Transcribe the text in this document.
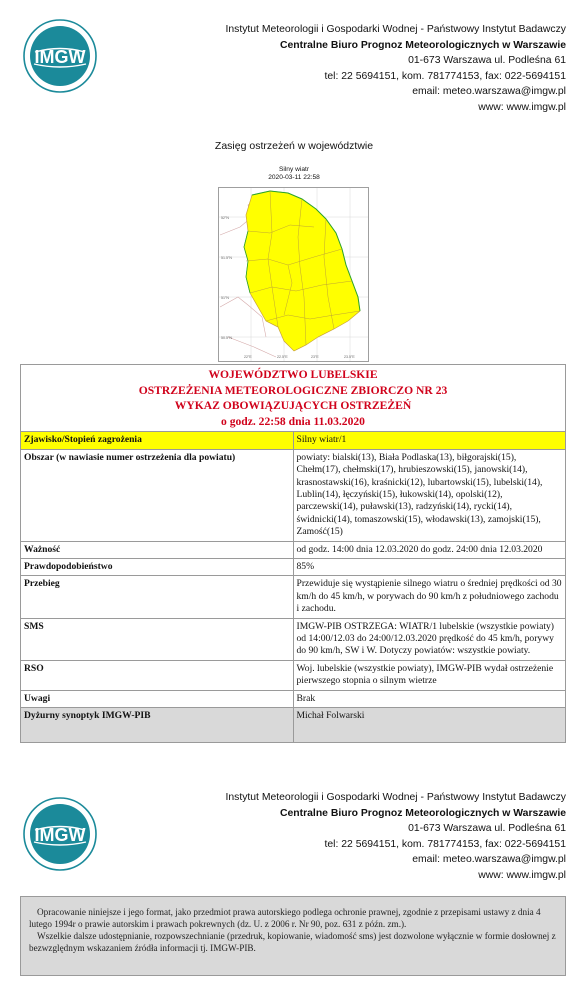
IMGW
Instytut Meteorologii i Gospodarki Wodnej - Państwowy Instytut Badawczy
Centralne Biuro Prognoz Meteorologicznych w Warszawie
01-673 Warszawa ul. Podleśna 61
tel: 22 5694151, kom. 781774153, fax: 022-5694151
email: meteo.warszawa@imgw.pl
www: www.imgw.pl
Zasięg ostrzeżeń w województwie
Silny wiatr
2020-03-11 22:58
52°N
51.5°N
51°N
50.5°N
22°E	22.5°E	23°E	23.5°E
WOJEWÓDZTWO LUBELSKIE
OSTRZEŻENIA METEOROLOGICZNE ZBIORCZO NR 23
WYKAZ OBOWIĄZUJĄCYCH OSTRZEŻEŃ
o godz. 22:58 dnia 11.03.2020	

Zjawisko/Stopień zagrożenia	Silny wiatr/1
Obszar (w nawiasie numer ostrzeżenia dla powiatu)	powiaty: bialski(13), Biała Podlaska(13), biłgorajski(15), Chełm(17), chełmski(17), hrubieszowski(15), janowski(14), krasnostawski(16), kraśnicki(12), lubartowski(15), lubelski(14), Lublin(14), łęczyński(15), łukowski(14), opolski(12), parczewski(14), puławski(13), radzyński(14), rycki(14), świdnicki(14), tomaszowski(15), włodawski(13), zamojski(15), Zamość(15)
Ważność	od godz. 14:00 dnia 12.03.2020 do godz. 24:00 dnia 12.03.2020
Prawdopodobieństwo	85%
Przebieg	Przewiduje się wystąpienie silnego wiatru o średniej prędkości od 30 km/h do 45 km/h, w porywach do 90 km/h z południowego zachodu i zachodu.
SMS	IMGW-PIB OSTRZEGA: WIATR/1 lubelskie (wszystkie powiaty) od 14:00/12.03 do 24:00/12.03.2020 prędkość do 45 km/h, porywy do 90 km/h, SW i W. Dotyczy powiatów: wszystkie powiaty.
RSO	Woj. lubelskie (wszystkie powiaty), IMGW-PIB wydał ostrzeżenie pierwszego stopnia o silnym wietrze
Uwagi	Brak
Dyżurny synoptyk IMGW-PIB	Michał Folwarski
IMGW
Instytut Meteorologii i Gospodarki Wodnej - Państwowy Instytut Badawczy
Centralne Biuro Prognoz Meteorologicznych w Warszawie
01-673 Warszawa ul. Podleśna 61
tel: 22 5694151, kom. 781774153, fax: 022-5694151
email: meteo.warszawa@imgw.pl
www: www.imgw.pl

Opracowanie niniejsze i jego format, jako przedmiot prawa autorskiego podlega ochronie prawnej, zgodnie z przepisami ustawy z dnia 4 lutego 1994r o prawie autorskim i prawach pokrewnych (dz. U. z 2006 r. Nr 90, poz. 631 z późn. zm.).

Wszelkie dalsze udostępnianie, rozpowszechnianie (przedruk, kopiowanie, wiadomość sms) jest dozwolone wyłącznie w formie dosłownej z bezwzględnym wskazaniem źródła informacji tj. IMGW-PIB.
